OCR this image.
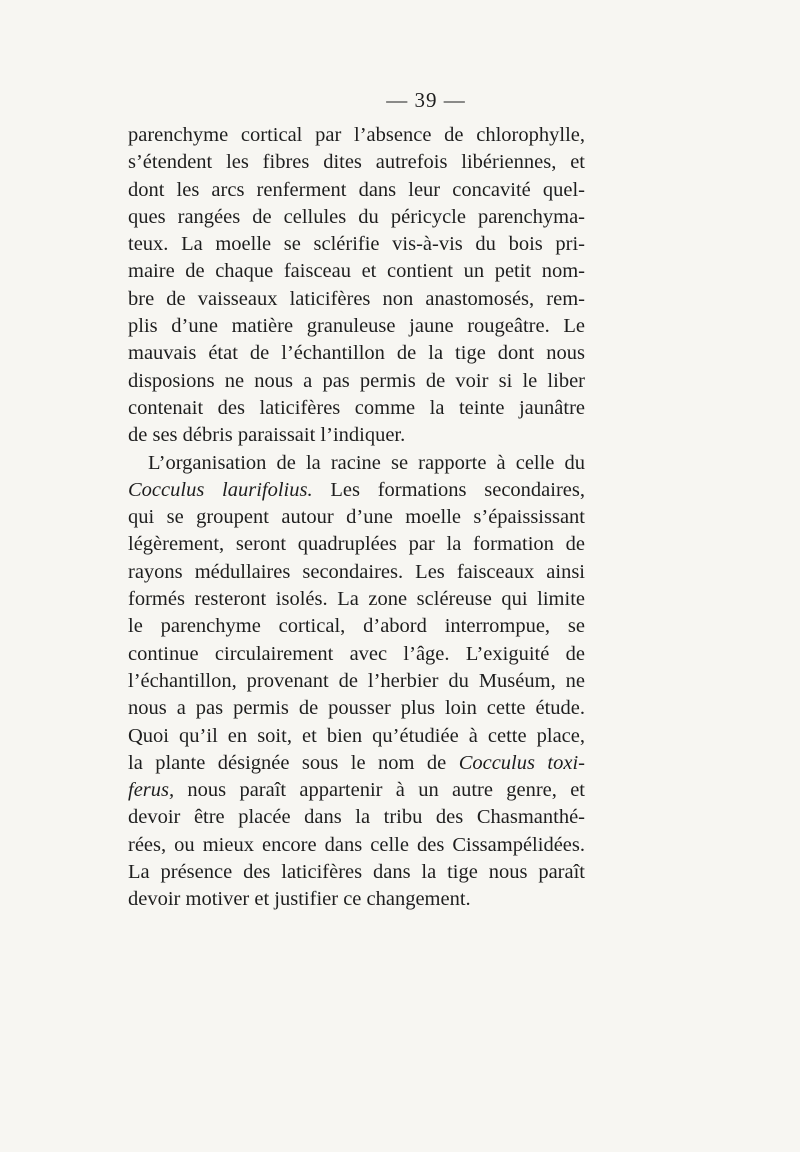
— 39 —
parenchyme cortical par l’absence de chlorophylle,
s’étendent les fibres dites autrefois libériennes, et
dont les arcs renferment dans leur concavité quel-
ques rangées de cellules du péricycle parenchyma-
teux. La moelle se sclérifie vis-à-vis du bois pri-
maire de chaque faisceau et contient un petit nom-
bre de vaisseaux laticifères non anastomosés, rem-
plis d’une matière granuleuse jaune rougeâtre. Le
mauvais état de l’échantillon de la tige dont nous
disposions ne nous a pas permis de voir si le liber
contenait des laticifères comme la teinte jaunâtre
de ses débris paraissait l’indiquer.
L’organisation de la racine se rapporte à celle du
Cocculus laurifolius. Les formations secondaires,
qui se groupent autour d’une moelle s’épaississant
légèrement, seront quadruplées par la formation de
rayons médullaires secondaires. Les faisceaux ainsi
formés resteront isolés. La zone scléreuse qui limite
le parenchyme cortical, d’abord interrompue, se
continue circulairement avec l’âge. L’exiguité de
l’échantillon, provenant de l’herbier du Muséum, ne
nous a pas permis de pousser plus loin cette étude.
Quoi qu’il en soit, et bien qu’étudiée à cette place,
la plante désignée sous le nom de Cocculus toxi-
ferus, nous paraît appartenir à un autre genre, et
devoir être placée dans la tribu des Chasmanthé-
rées, ou mieux encore dans celle des Cissampélidées.
La présence des laticifères dans la tige nous paraît
devoir motiver et justifier ce changement.
